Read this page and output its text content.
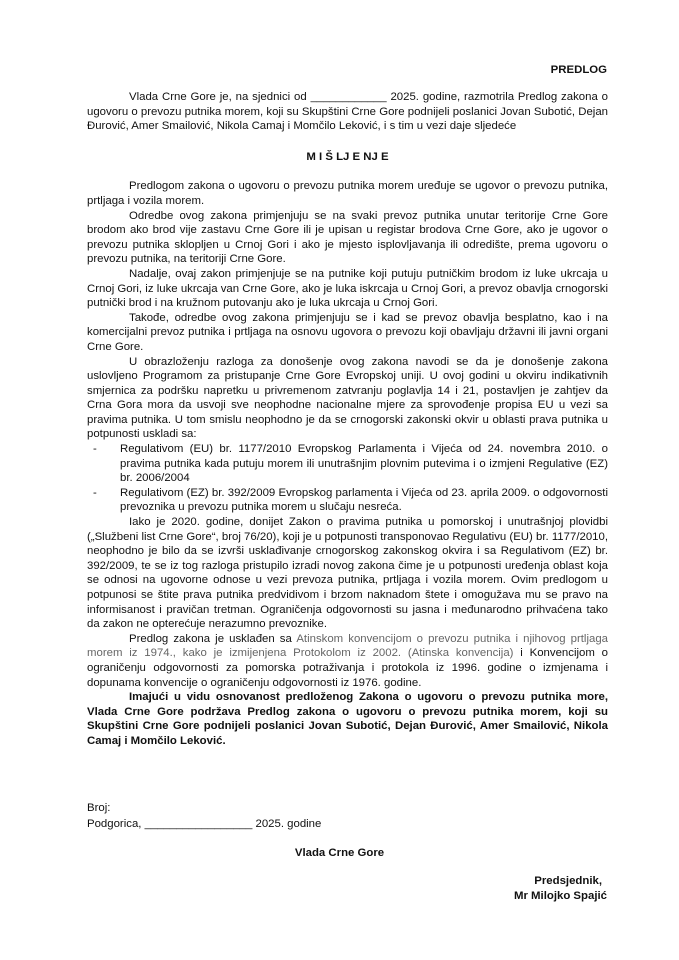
PREDLOG

Vlada Crne Gore je, na sjednici od ____________ 2025. godine, razmotrila Predlog zakona o ugovoru o prevozu putnika morem, koji su Skupštini Crne Gore podnijeli poslanici Jovan Subotić, Dejan Đurović, Amer Smailović, Nikola Camaj i Momčilo Leković, i s tim u vezi daje sljedeće

M I Š LJ E NJ E

Predlogom zakona o ugovoru o prevozu putnika morem uređuje se ugovor o prevozu putnika, prtljaga i vozila morem.

Odredbe ovog zakona primjenjuju se na svaki prevoz putnika unutar teritorije Crne Gore brodom ako brod vije zastavu Crne Gore ili je upisan u registar brodova Crne Gore, ako je ugovor o prevozu putnika sklopljen u Crnoj Gori i ako je mjesto isplovljavanja ili odredište, prema ugovoru o prevozu putnika, na teritoriji Crne Gore.

Nadalje, ovaj zakon primjenjuje se na putnike koji putuju putničkim brodom iz luke ukrcaja u Crnoj Gori, iz luke ukrcaja van Crne Gore, ako je luka iskrcaja u Crnoj Gori, a prevoz obavlja crnogorski putnički brod i na kružnom putovanju ako je luka ukrcaja u Crnoj Gori.

Takođe, odredbe ovog zakona primjenjuju se i kad se prevoz obavlja besplatno, kao i na komercijalni prevoz putnika i prtljaga na osnovu ugovora o prevozu koji obavljaju državni ili javni organi Crne Gore.

U obrazloženju razloga za donošenje ovog zakona navodi se da je donošenje zakona uslovljeno Programom za pristupanje Crne Gore Evropskoj uniji. U ovoj godini u okviru indikativnih smjernica za podršku napretku u privremenom zatvranju poglavlja 14 i 21, postavljen je zahtjev da Crna Gora mora da usvoji sve neophodne nacionalne mjere za sprovođenje propisa EU u vezi sa pravima putnika. U tom smislu neophodno je da se crnogorski zakonski okvir u oblasti prava putnika u potpunosti uskladi sa:

- Regulativom (EU) br. 1177/2010 Evropskog Parlamenta i Vijeća od 24. novembra 2010. o pravima putnika kada putuju morem ili unutrašnjim plovnim putevima i o izmjeni Regulative (EZ) br. 2006/2004
- Regulativom (EZ) br. 392/2009 Evropskog parlamenta i Vijeća od 23. aprila 2009. o odgovornosti prevoznika u prevozu putnika morem u slučaju nesreća.

Iako je 2020. godine, donijet Zakon o pravima putnika u pomorskoj i unutrašnjoj plovidbi („Službeni list Crne Gore“, broj 76/20), koji je u potpunosti transponovao Regulativu (EU) br. 1177/2010, neophodno je bilo da se izvrši usklađivanje crnogorskog zakonskog okvira i sa Regulativom (EZ) br. 392/2009, te se iz tog razloga pristupilo izradi novog zakona čime je u potpunosti uređenja oblast koja se odnosi na ugovorne odnose u vezi prevoza putnika, prtljaga i vozila morem. Ovim predlogom u potpunosi se štite prava putnika predvidivom i brzom naknadom štete i omogužava mu se pravo na informisanost i pravičan tretman. Ograničenja odgovornosti su jasna i međunarodno prihvaćena tako da zakon ne opterećuje nerazumno prevoznike.

Predlog zakona je usklađen sa Atinskom konvencijom o prevozu putnika i njihovog prtljaga morem iz 1974., kako je izmijenjena Protokolom iz 2002. (Atinska konvencija) i Konvencijom o ograničenju odgovornosti za pomorska potraživanja i protokola iz 1996. godine o izmjenama i dopunama konvencije o ograničenju odgovornosti iz 1976. godine.

Imajući u vidu osnovanost predloženog Zakona o ugovoru o prevozu putnika more, Vlada Crne Gore podržava Predlog zakona o ugovoru o prevozu putnika morem, koji su Skupštini Crne Gore podnijeli poslanici Jovan Subotić, Dejan Đurović, Amer Smailović, Nikola Camaj i Momčilo Leković.

Broj:
Podgorica, _________________ 2025. godine
Vlada Crne Gore
Predsjednik,
Mr Milojko Spajić
